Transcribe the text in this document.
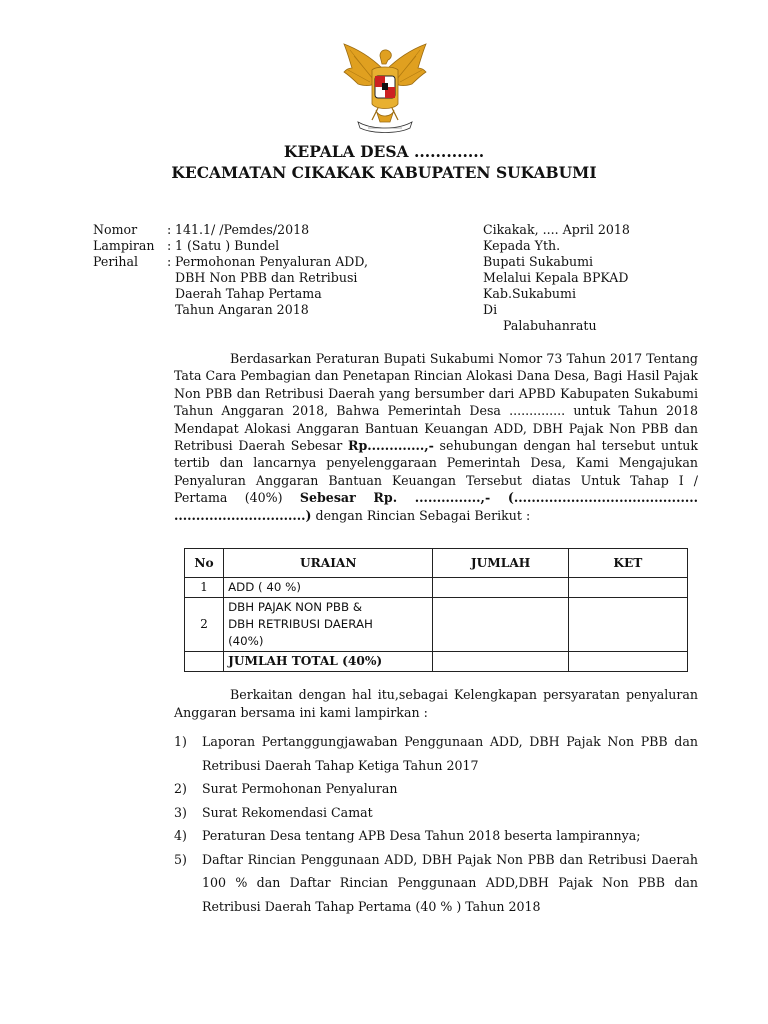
KEPALA DESA .............
KECAMATAN CIKAKAK KABUPATEN SUKABUMI
Nomor	: 141.1/ /Pemdes/2018
Lampiran : 1 (Satu ) Bundel
Perihal	: Permohonan Penyaluran ADD,
DBH Non PBB dan Retribusi
Daerah Tahap Pertama
Tahun Angaran 2018
Cikakak, .... April 2018
Kepada Yth.
Bupati Sukabumi
Melalui Kepala BPKAD
Kab.Sukabumi
Di
Palabuhanratu
Berdasarkan Peraturan Bupati Sukabumi Nomor 73 Tahun 2017 Tentang Tata Cara Pembagian dan Penetapan Rincian Alokasi Dana Desa, Bagi Hasil Pajak Non PBB dan Retribusi Daerah yang bersumber dari APBD Kabupaten Sukabumi Tahun Anggaran 2018, Bahwa Pemerintah Desa .............. untuk Tahun 2018 Mendapat Alokasi Anggaran Bantuan Keuangan ADD, DBH Pajak Non PBB dan Retribusi Daerah Sebesar Rp.............,- sehubungan dengan hal tersebut untuk tertib dan lancarnya penyelenggaraan Pemerintah Desa, Kami Mengajukan Penyaluran Anggaran Bantuan Keuangan Tersebut diatas Untuk Tahap I / Pertama (40%) Sebesar Rp. ...............,- (.......................................... ..............................) dengan Rincian Sebagai Berikut :
No	URAIAN	JUMLAH	KET
1	ADD ( 40 %)		
2	DBH PAJAK NON PBB &
DBH RETRIBUSI DAERAH
(40%)		

	JUMLAH TOTAL (40%)		
Berkaitan dengan hal itu,sebagai Kelengkapan persyaratan penyaluran Anggaran bersama ini kami lampirkan :
1)	Laporan Pertanggungjawaban Penggunaan ADD, DBH Pajak Non PBB dan Retribusi Daerah Tahap Ketiga Tahun 2017
2)	Surat Permohonan Penyaluran
3)	Surat Rekomendasi Camat
4)	Peraturan Desa tentang APB Desa Tahun 2018 beserta lampirannya;
5)	Daftar Rincian Penggunaan ADD, DBH Pajak Non PBB dan Retribusi Daerah 100 % dan Daftar Rincian Penggunaan ADD,DBH Pajak Non PBB dan Retribusi Daerah Tahap Pertama (40 % ) Tahun 2018
